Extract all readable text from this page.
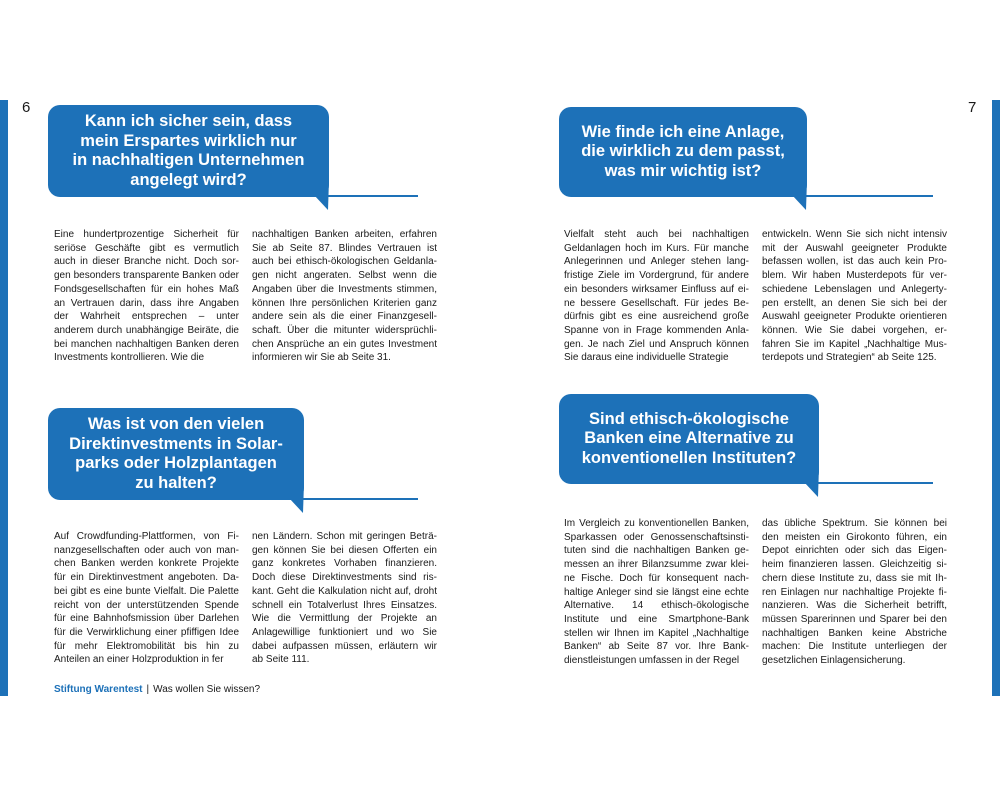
6	7
Kann ich sicher sein, dass
mein Erspartes wirklich nur
in nachhaltigen Unternehmen
angelegt wird?
Eine hundertprozentige Sicherheit für seriöse Geschäfte gibt es vermutlich auch in dieser Branche nicht. Doch sorgen besonders transparente Banken oder Fondsgesellschaften für ein hohes Maß an Vertrauen darin, dass ihre Angaben der Wahrheit entsprechen – unter anderem durch unabhängige Beiräte, die bei manchen nachhaltigen Banken deren Investments kontrollieren. Wie die
nachhaltigen Banken arbeiten, erfahren Sie ab Seite 87. Blindes Vertrauen ist auch bei ethisch-ökologischen Geldanlagen nicht angeraten. Selbst wenn die Angaben über die Investments stimmen, können Ihre persönlichen Kriterien ganz andere sein als die einer Finanzgesellschaft. Über die mitunter widersprüchlichen Ansprüche an ein gutes Investment informieren wir Sie ab Seite 31.
Was ist von den vielen
Direktinvestments in Solar-
parks oder Holzplantagen
zu halten?
Auf Crowdfunding-Plattformen, von Finanzgesellschaften oder auch von manchen Banken werden konkrete Projekte für ein Direktinvestment angeboten. Dabei gibt es eine bunte Vielfalt. Die Palette reicht von der unterstützenden Spende für eine Bahnhofsmission über Darlehen für die Verwirklichung einer pfiffigen Idee für mehr Elektromobilität bis hin zu Anteilen an einer Holzproduktion in fer
nen Ländern. Schon mit geringen Beträgen können Sie bei diesen Offerten ein ganz konkretes Vorhaben finanzieren. Doch diese Direktinvestments sind riskant. Geht die Kalkulation nicht auf, droht schnell ein Totalverlust Ihres Einsatzes. Wie die Vermittlung der Projekte an Anlagewillige funktioniert und wo Sie dabei aufpassen müssen, erläutern wir ab Seite 111.
Stiftung Warentest | Was wollen Sie wissen?
Wie finde ich eine Anlage,
die wirklich zu dem passt,
was mir wichtig ist?
Vielfalt steht auch bei nachhaltigen Geldanlagen hoch im Kurs. Für manche Anlegerinnen und Anleger stehen langfristige Ziele im Vordergrund, für andere ein besonders wirksamer Einfluss auf eine bessere Gesellschaft. Für jedes Bedürfnis gibt es eine ausreichend große Spanne von in Frage kommenden Anlagen. Je nach Ziel und Anspruch können Sie daraus eine individuelle Strategie
entwickeln. Wenn Sie sich nicht intensiv mit der Auswahl geeigneter Produkte befassen wollen, ist das auch kein Problem. Wir haben Musterdepots für verschiedene Lebenslagen und Anlegertypen erstellt, an denen Sie sich bei der Auswahl geeigneter Produkte orientieren können. Wie Sie dabei vorgehen, erfahren Sie im Kapitel „Nachhaltige Musterdepots und Strategien“ ab Seite 125.
Sind ethisch-ökologische
Banken eine Alternative zu
konventionellen Instituten?
Im Vergleich zu konventionellen Banken, Sparkassen oder Genossenschaftsinstituten sind die nachhaltigen Banken gemessen an ihrer Bilanzsumme zwar kleine Fische. Doch für konsequent nachhaltige Anleger sind sie längst eine echte Alternative. 14 ethisch-ökologische Institute und eine Smartphone-Bank stellen wir Ihnen im Kapitel „Nachhaltige Banken“ ab Seite 87 vor. Ihre Bankdienstleistungen umfassen in der Regel
das übliche Spektrum. Sie können bei den meisten ein Girokonto führen, ein Depot einrichten oder sich das Eigenheim finanzieren lassen. Gleichzeitig sichern diese Institute zu, dass sie mit Ihren Einlagen nur nachhaltige Projekte finanzieren. Was die Sicherheit betrifft, müssen Sparerinnen und Sparer bei den nachhaltigen Banken keine Abstriche machen: Die Institute unterliegen der gesetzlichen Einlagensicherung.
